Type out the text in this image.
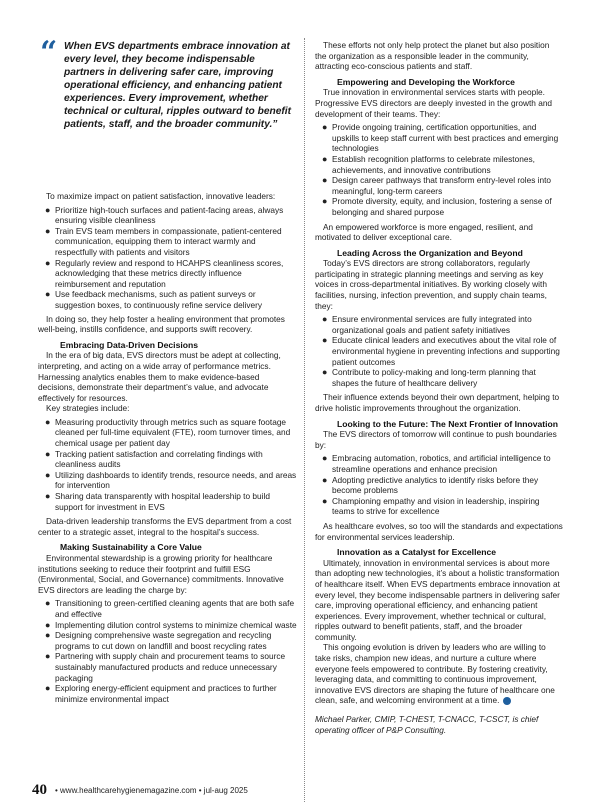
“ When EVS departments embrace innovation at every level, they become indispensable partners in delivering safer care, improving operational efficiency, and enhancing patient experiences. Every improvement, whether technical or cultural, ripples outward to benefit patients, staff, and the broader community.”

To maximize impact on patient satisfaction, innovative leaders:

● Prioritize high-touch surfaces and patient-facing areas, always ensuring visible cleanliness
● Train EVS team members in compassionate, patient-centered communication, equipping them to interact warmly and respectfully with patients and visitors
● Regularly review and respond to HCAHPS cleanliness scores, acknowledging that these metrics directly influence reimbursement and reputation
● Use feedback mechanisms, such as patient surveys or suggestion boxes, to continuously refine service delivery

In doing so, they help foster a healing environment that promotes well-being, instills confidence, and supports swift recovery.

Embracing Data-Driven Decisions

In the era of big data, EVS directors must be adept at collecting, interpreting, and acting on a wide array of performance metrics. Harnessing analytics enables them to make evidence-based decisions, demonstrate their department’s value, and advocate effectively for resources.

Key strategies include:

● Measuring productivity through metrics such as square footage cleaned per full-time equivalent (FTE), room turnover times, and chemical usage per patient day
● Tracking patient satisfaction and correlating findings with cleanliness audits
● Utilizing dashboards to identify trends, resource needs, and areas for intervention
● Sharing data transparently with hospital leadership to build support for investment in EVS

Data-driven leadership transforms the EVS department from a cost center to a strategic asset, integral to the hospital’s success.

Making Sustainability a Core Value

Environmental stewardship is a growing priority for healthcare institutions seeking to reduce their footprint and fulfill ESG (Environmental, Social, and Governance) commitments. Innovative EVS directors are leading the charge by:

● Transitioning to green-certified cleaning agents that are both safe and effective
● Implementing dilution control systems to minimize chemical waste
● Designing comprehensive waste segregation and recycling programs to cut down on landfill and boost recycling rates
● Partnering with supply chain and procurement teams to source sustainably manufactured products and reduce unnecessary packaging
● Exploring energy-efficient equipment and practices to further minimize environmental impact

These efforts not only help protect the planet but also position the organization as a responsible leader in the community, attracting eco-conscious patients and staff.

Empowering and Developing the Workforce

True innovation in environmental services starts with people. Progressive EVS directors are deeply invested in the growth and development of their teams. They:

● Provide ongoing training, certification opportunities, and upskills to keep staff current with best practices and emerging technologies
● Establish recognition platforms to celebrate milestones, achievements, and innovative contributions
● Design career pathways that transform entry-level roles into meaningful, long-term careers
● Promote diversity, equity, and inclusion, fostering a sense of belonging and shared purpose

An empowered workforce is more engaged, resilient, and motivated to deliver exceptional care.

Leading Across the Organization and Beyond

Today’s EVS directors are strong collaborators, regularly participating in strategic planning meetings and serving as key voices in cross-departmental initiatives. By working closely with facilities, nursing, infection prevention, and supply chain teams, they:

● Ensure environmental services are fully integrated into organizational goals and patient safety initiatives
● Educate clinical leaders and executives about the vital role of environmental hygiene in preventing infections and supporting patient outcomes
● Contribute to policy-making and long-term planning that shapes the future of healthcare delivery

Their influence extends beyond their own department, helping to drive holistic improvements throughout the organization.

Looking to the Future: The Next Frontier of Innovation

The EVS directors of tomorrow will continue to push boundaries by:

● Embracing automation, robotics, and artificial intelligence to streamline operations and enhance precision
● Adopting predictive analytics to identify risks before they become problems
● Championing empathy and vision in leadership, inspiring teams to strive for excellence

As healthcare evolves, so too will the standards and expectations for environmental services leadership.

Innovation as a Catalyst for Excellence

Ultimately, innovation in environmental services is about more than adopting new technologies, it’s about a holistic transformation of healthcare itself. When EVS departments embrace innovation at every level, they become indispensable partners in delivering safer care, improving operational efficiency, and enhancing patient experiences. Every improvement, whether technical or cultural, ripples outward to benefit patients, staff, and the broader community.

This ongoing evolution is driven by leaders who are willing to take risks, champion new ideas, and nurture a culture where everyone feels empowered to contribute. By fostering creativity, leveraging data, and committing to continuous improvement, innovative EVS directors are shaping the future of healthcare one clean, safe, and welcoming environment at a time.

Michael Parker, CMIP, T-CHEST, T-CNACC, T-CSCT, is chief operating officer of P&P Consulting.

40 • www.healthcarehygienemagazine.com • jul-aug 2025
